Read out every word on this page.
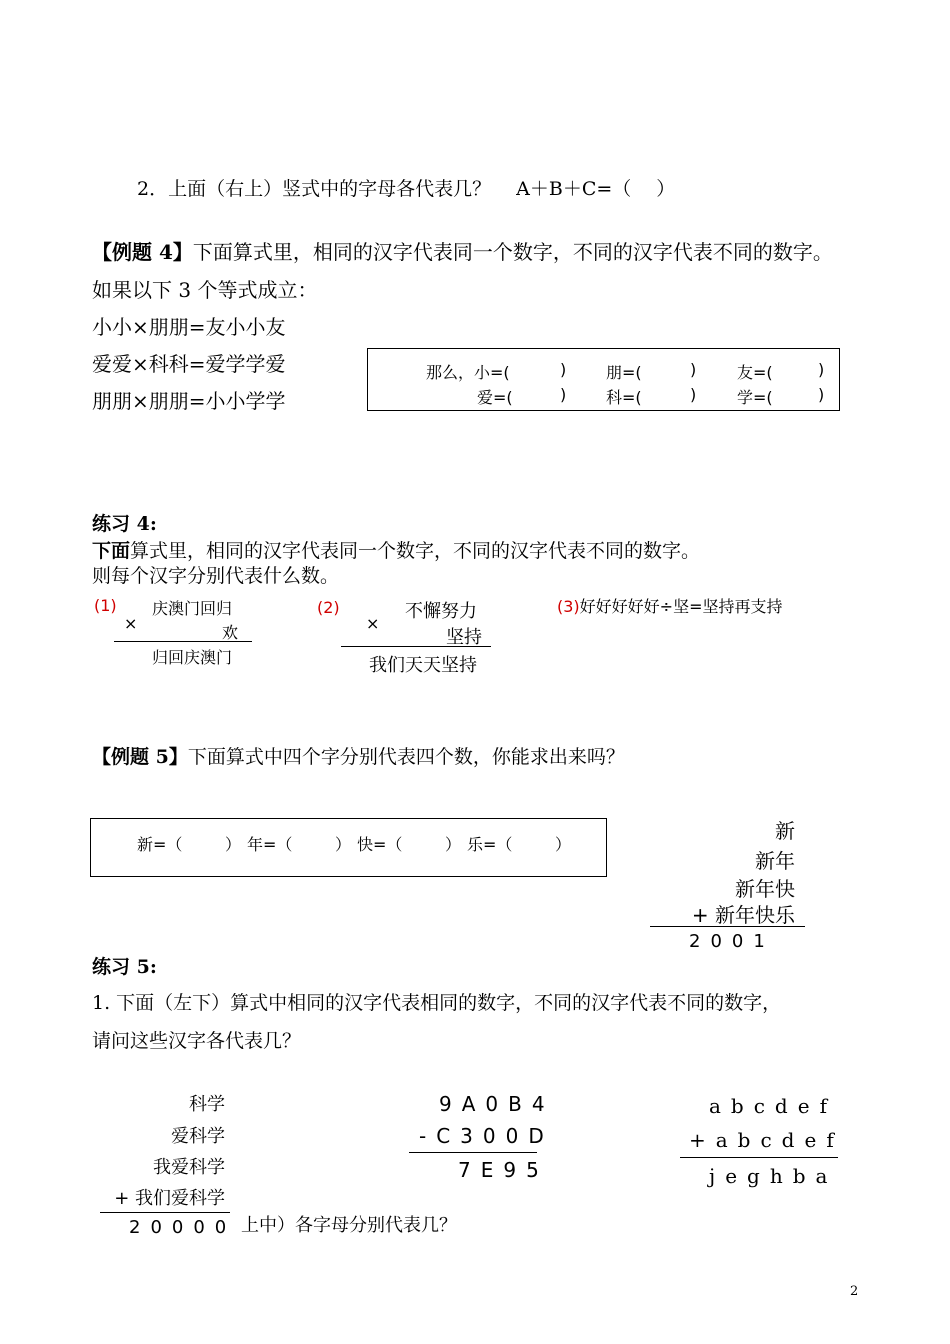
2．上面（右上）竖式中的字母各代表几？　 A＋B＋C=（　 ）
【例题 4】下面算式里，相同的汉字代表同一个数字，不同的汉字代表不同的数字。
如果以下 3 个等式成立：
小小×朋朋=友小小友
爱爱×科科=爱学学爱
朋朋×朋朋=小小学学
那么，小=(	) 朋=(	)	友=(	)
爱=(	) 科=(	)	学=(	)
练习 4:
下面算式里，相同的汉字代表同一个数字，不同的汉字代表不同的数字。
则每个汉字分别代表什么数。
(1) 庆澳门回归
×	欢
归回庆澳门
(2)	不懈努力
×
坚持
我们天天坚持
(3)好好好好好÷坚=坚持再支持
【例题 5】下面算式中四个字分别代表四个数，你能求出来吗？
新=（	） 年=（	） 快=（	） 乐=（	）
新
新年
新年快
+ 新年快乐
2001
练习 5:
1. 下面（左下）算式中相同的汉字代表相同的数字，不同的汉字代表不同的数字，
请问这些汉字各代表几？
科学
爱科学
我爱科学
+ 我们爱科学
20000 上中）各字母分别代表几？
9A0B4
-C300D
7E95
abcdef
+abcdef
jeghba
2
